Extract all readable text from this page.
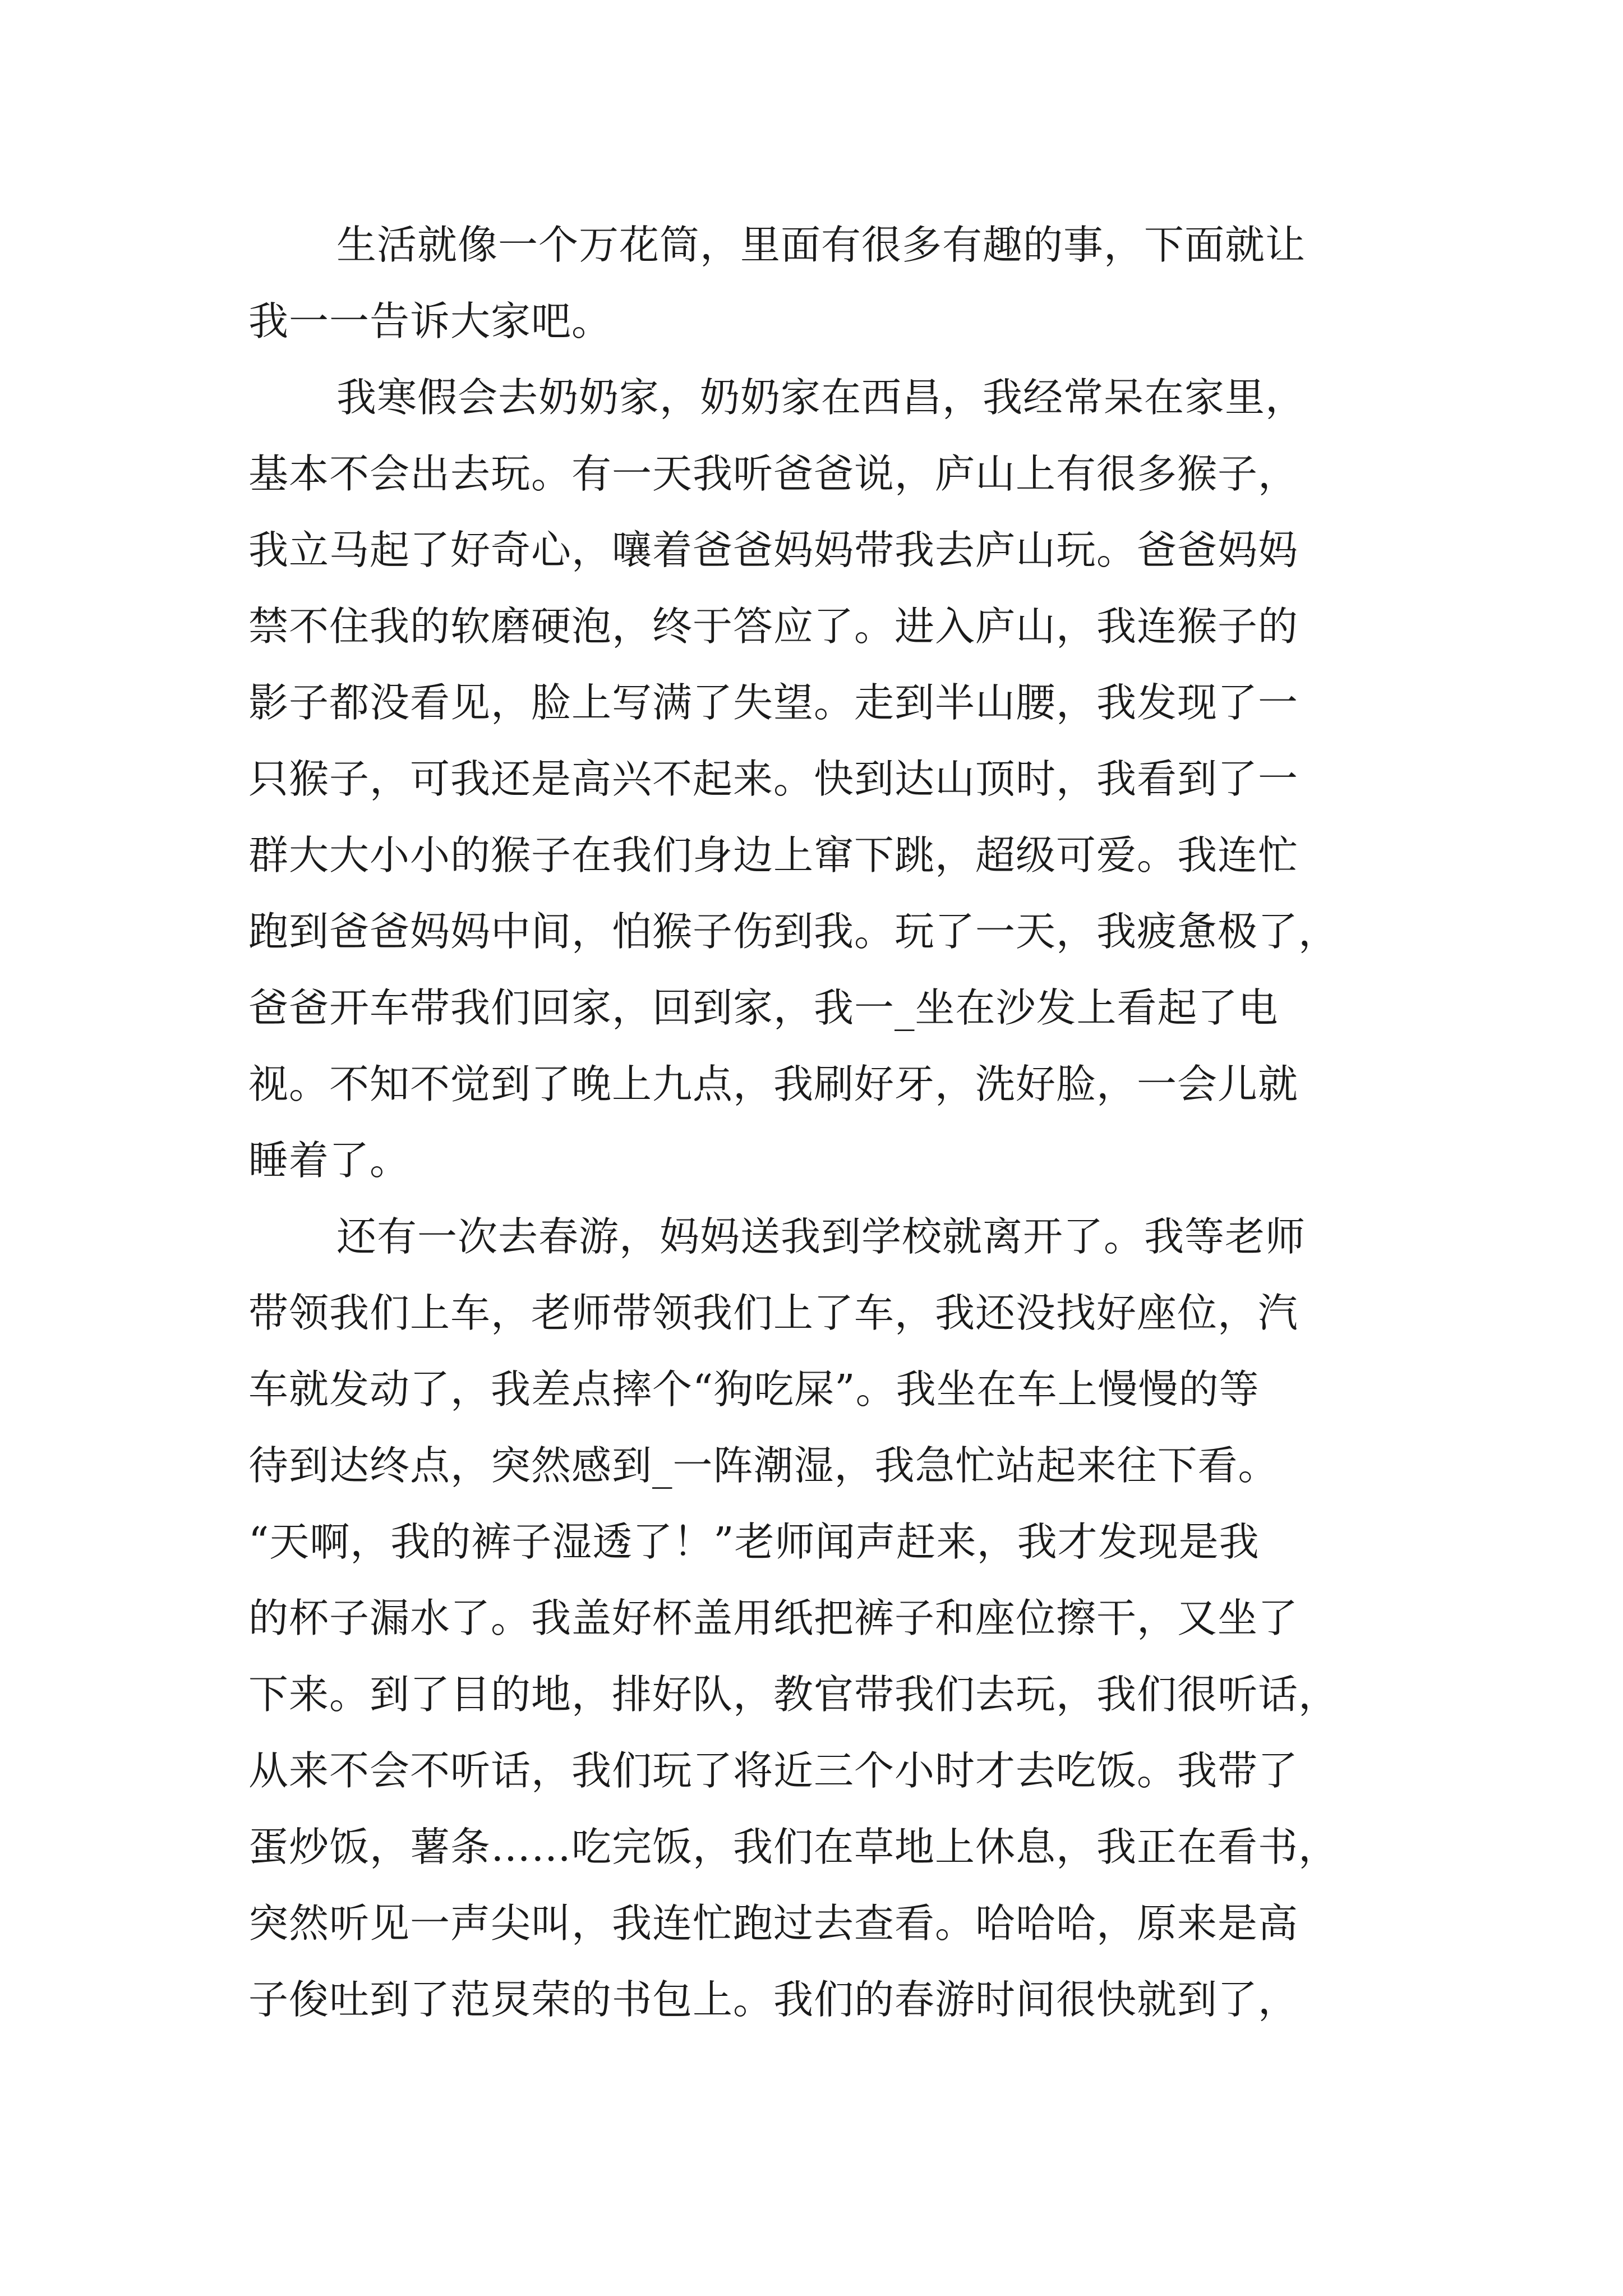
生活就像一个万花筒，里面有很多有趣的事，下面就让

我一一告诉大家吧。

我寒假会去奶奶家，奶奶家在西昌，我经常呆在家里，

基本不会出去玩。有一天我听爸爸说，庐山上有很多猴子，

我立马起了好奇心，嚷着爸爸妈妈带我去庐山玩。爸爸妈妈

禁不住我的软磨硬泡，终于答应了。进入庐山，我连猴子的

影子都没看见，脸上写满了失望。走到半山腰，我发现了一

只猴子，可我还是高兴不起来。快到达山顶时，我看到了一

群大大小小的猴子在我们身边上窜下跳，超级可爱。我连忙

跑到爸爸妈妈中间，怕猴子伤到我。玩了一天，我疲惫极了，

爸爸开车带我们回家，回到家，我一_坐在沙发上看起了电

视。不知不觉到了晚上九点，我刷好牙，洗好脸，一会儿就

睡着了。

还有一次去春游，妈妈送我到学校就离开了。我等老师

带领我们上车，老师带领我们上了车，我还没找好座位，汽

车就发动了，我差点摔个“狗吃屎”。我坐在车上慢慢的等

待到达终点，突然感到_一阵潮湿，我急忙站起来往下看。

“天啊，我的裤子湿透了！”老师闻声赶来，我才发现是我

的杯子漏水了。我盖好杯盖用纸把裤子和座位擦干，又坐了

下来。到了目的地，排好队，教官带我们去玩，我们很听话，

从来不会不听话，我们玩了将近三个小时才去吃饭。我带了

蛋炒饭，薯条……吃完饭，我们在草地上休息，我正在看书，

突然听见一声尖叫，我连忙跑过去查看。哈哈哈，原来是高

子俊吐到了范炅荣的书包上。我们的春游时间很快就到了，
